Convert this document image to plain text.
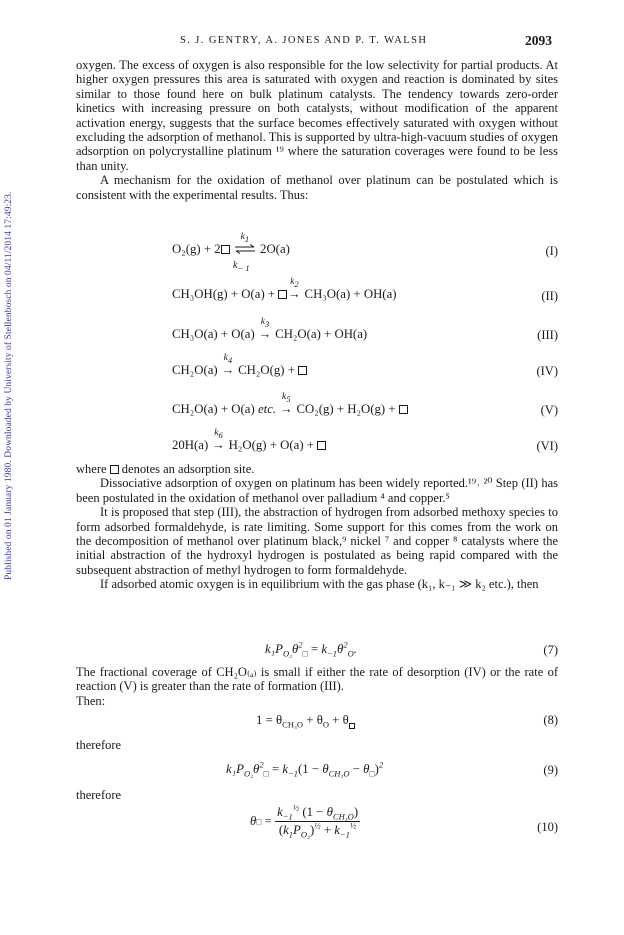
Published on 01 January 1980. Downloaded by University of Stellenbosch on 04/11/2014 17:49:23.
S. J. GENTRY, A. JONES AND P. T. WALSH	2093

oxygen. The excess of oxygen is also responsible for the low selectivity for partial products. At higher oxygen pressures this area is saturated with oxygen and reaction is dominated by sites similar to those found here on bulk platinum catalysts. The tendency towards zero-order kinetics with increasing pressure on both catalysts, without modification of the apparent activation energy, suggests that the surface becomes effectively saturated with oxygen without excluding the adsorption of methanol. This is supported by ultra-high-vacuum studies of oxygen adsorption on polycrystalline platinum ¹⁹ where the saturation coverages were found to be less than unity.

A mechanism for the oxidation of methanol over platinum can be postulated which is consistent with the experimental results. Thus:

O₂(g) + 2
$k_1$
2O(a)
$k_{- 1}$
(I)
CH₃OH(g) + O(a) +
$k_2$
→ CH₃O(a) + OH(a)	(II)
CH₃O(a) + O(a)
$k_3$
→ CH₂O(a) + OH(a)	(III)
CH₂O(a)
$k_4$
→ CH₂O(g) +	(IV)
CH₂O(a) + O(a) etc.
$k_5$
→ CO₂(g) + H₂O(g) +	(V)
20H(a)
$k_6$
→ H₂O(g) + O(a) +	(VI)

where denotes an adsorption site.

Dissociative adsorption of oxygen on platinum has been widely reported.¹⁹˒ ²⁰ Step (II) has been postulated in the oxidation of methanol over palladium ⁴ and copper.⁵

It is proposed that step (III), the abstraction of hydrogen from adsorbed methoxy species to form adsorbed formaldehyde, is rate limiting. Some support for this comes from the work on the decomposition of methanol over platinum black,⁹ nickel ⁷ and copper ⁸ catalysts where the initial abstraction of the hydroxyl hydrogen is postulated as being rapid compared with the subsequent abstraction of methyl hydrogen to form formaldehyde.

If adsorbed atomic oxygen is in equilibrium with the gas phase (k₁, k₋₁ ≫ k₂ etc.), then

$k_1P_{O_2}\theta^2_□ = k_{-1}\theta^2_O$.	(7)

The fractional coverage of CH₂O₍ₐ₎ is small if either the rate of desorption (IV) or the rate of reaction (V) is greater than the rate of formation (III).

Then:

$1 = \theta_{CH_3O} + \theta_O + \theta$	(8)
therefore
$k_1P_{O_2}\theta^2_□ = k_{-1}(1 - \theta_{CH_3O} - \theta_□)^2$	(9)
therefore
θ□ = $\frac{k_{-1}^{\frac{1}{2}} (1 - \theta_{CH_3O})}{(k_1P_{O_2})^{\frac{1}{2}} + k_{-1}^{\frac{1}{2}}}$	(10)
